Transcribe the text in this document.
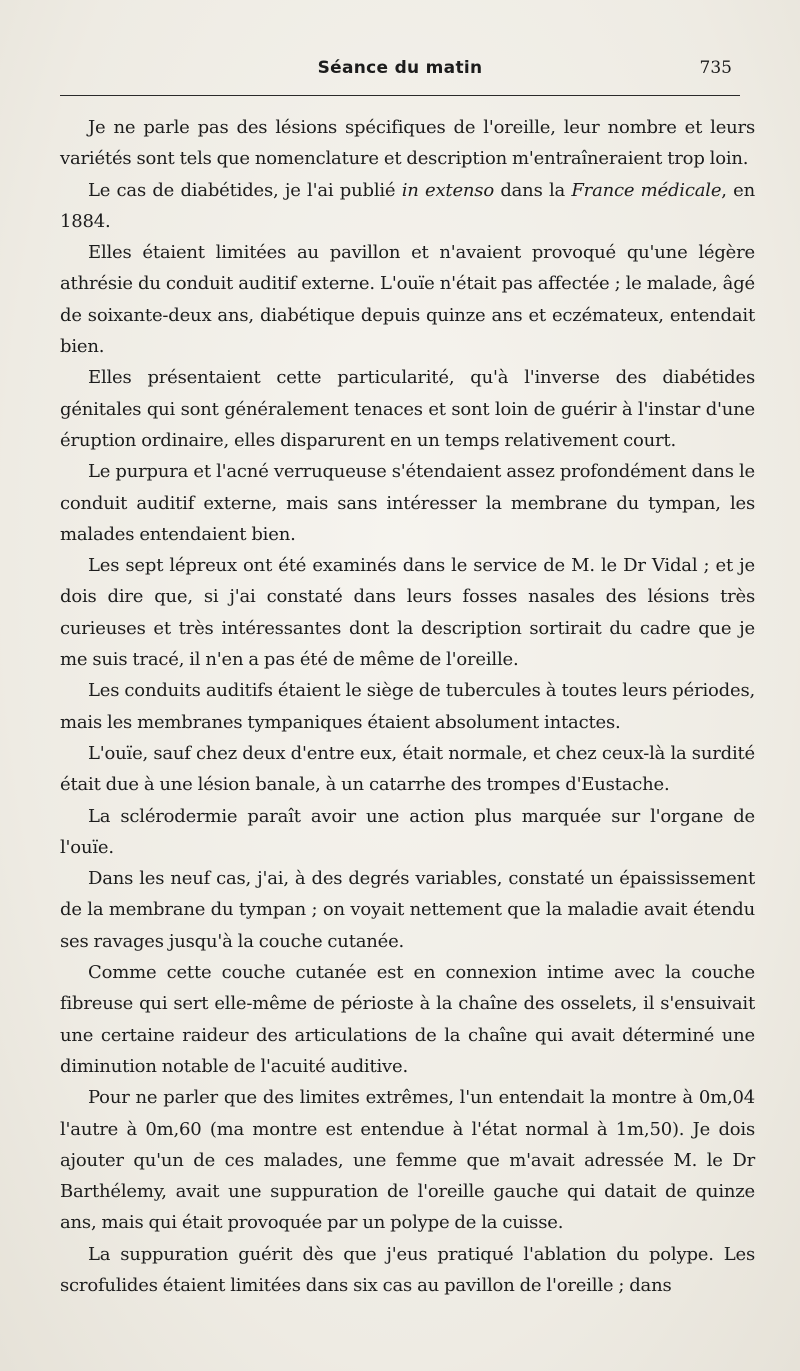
Séance du matin	735

Je ne parle pas des lésions spécifiques de l'oreille, leur nombre et leurs variétés sont tels que nomenclature et description m'entraîneraient trop loin.

Le cas de diabétides, je l'ai publié in extenso dans la France médicale, en 1884.

Elles étaient limitées au pavillon et n'avaient provoqué qu'une légère athrésie du conduit auditif externe. L'ouïe n'était pas affectée ; le malade, âgé de soixante-deux ans, diabétique depuis quinze ans et eczémateux, entendait bien.

Elles présentaient cette particularité, qu'à l'inverse des diabétides génitales qui sont généralement tenaces et sont loin de guérir à l'instar d'une éruption ordinaire, elles disparurent en un temps relativement court.

Le purpura et l'acné verruqueuse s'étendaient assez profondément dans le conduit auditif externe, mais sans intéresser la membrane du tympan, les malades entendaient bien.

Les sept lépreux ont été examinés dans le service de M. le Dr Vidal ; et je dois dire que, si j'ai constaté dans leurs fosses nasales des lésions très curieuses et très intéressantes dont la description sortirait du cadre que je me suis tracé, il n'en a pas été de même de l'oreille.

Les conduits auditifs étaient le siège de tubercules à toutes leurs périodes, mais les membranes tympaniques étaient absolument intactes.

L'ouïe, sauf chez deux d'entre eux, était normale, et chez ceux-là la surdité était due à une lésion banale, à un catarrhe des trompes d'Eustache.

La sclérodermie paraît avoir une action plus marquée sur l'organe de l'ouïe.

Dans les neuf cas, j'ai, à des degrés variables, constaté un épaississement de la membrane du tympan ; on voyait nettement que la maladie avait étendu ses ravages jusqu'à la couche cutanée.

Comme cette couche cutanée est en connexion intime avec la couche fibreuse qui sert elle-même de périoste à la chaîne des osselets, il s'ensuivait une certaine raideur des articulations de la chaîne qui avait déterminé une diminution notable de l'acuité auditive.

Pour ne parler que des limites extrêmes, l'un entendait la montre à 0m,04 l'autre à 0m,60 (ma montre est entendue à l'état normal à 1m,50). Je dois ajouter qu'un de ces malades, une femme que m'avait adressée M. le Dr Barthélemy, avait une suppuration de l'oreille gauche qui datait de quinze ans, mais qui était provoquée par un polype de la cuisse.

La suppuration guérit dès que j'eus pratiqué l'ablation du polype. Les scrofulides étaient limitées dans six cas au pavillon de l'oreille ; dans
